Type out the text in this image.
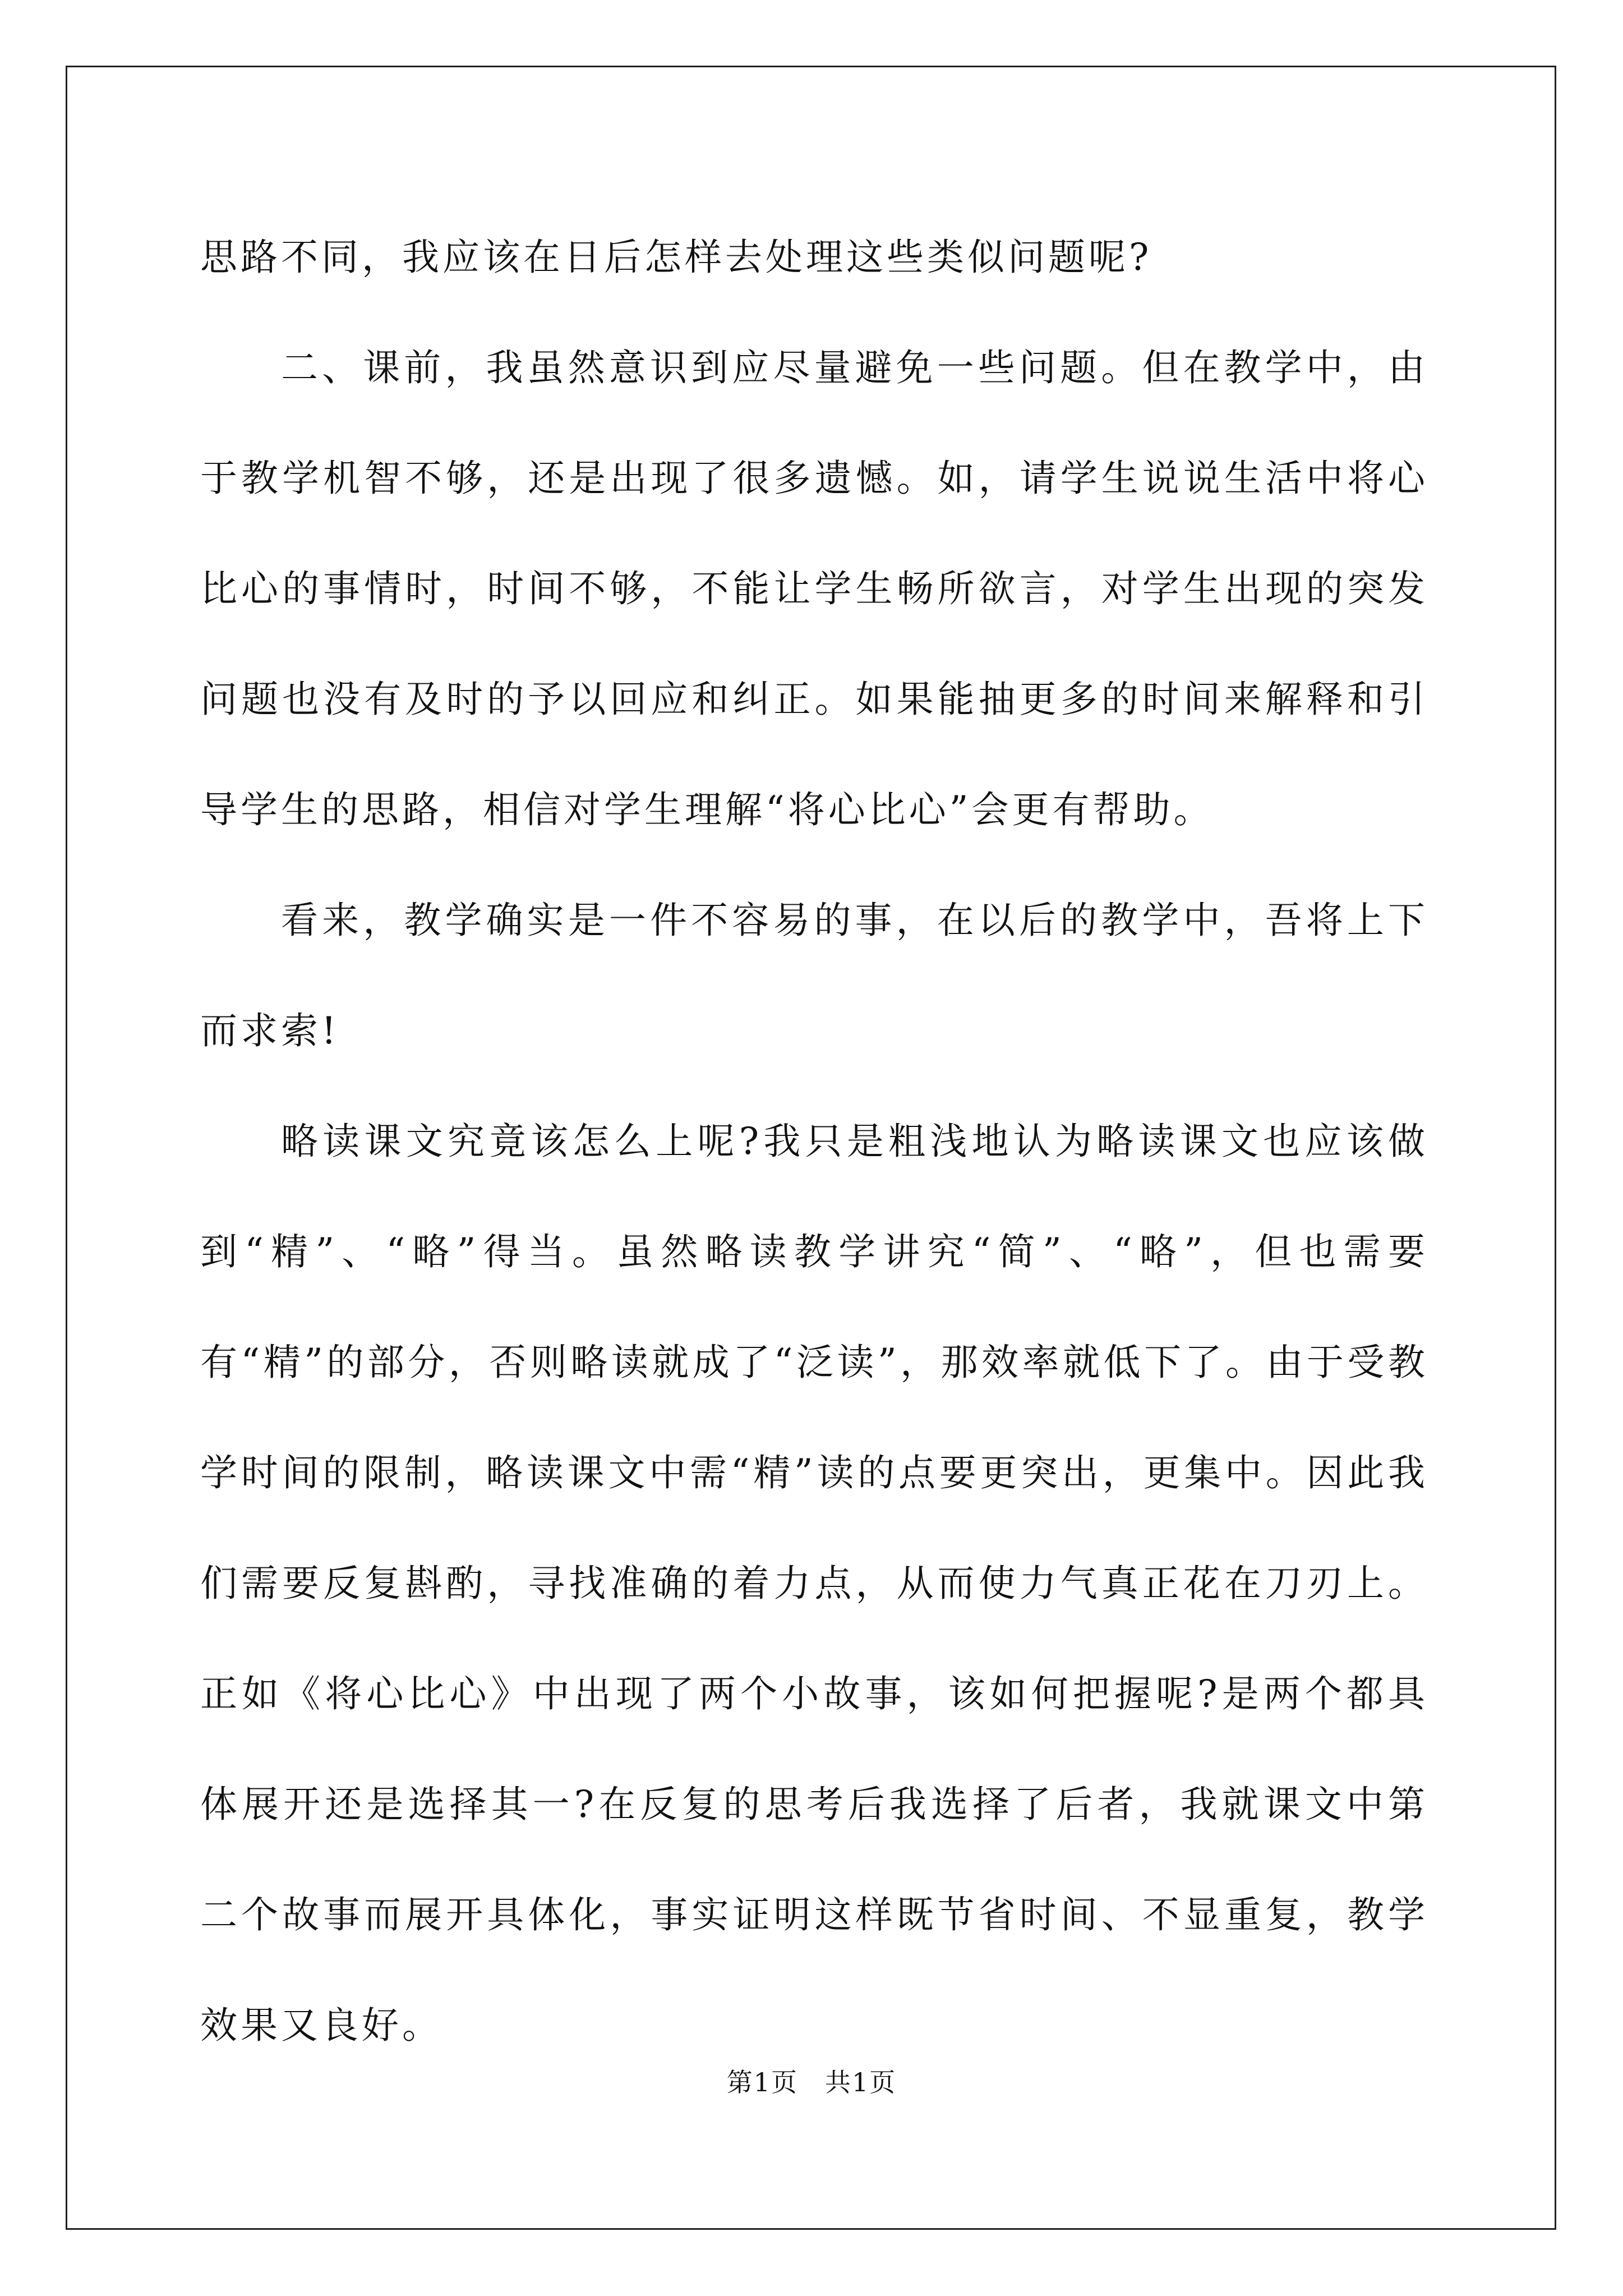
思路不同，我应该在日后怎样去处理这些类似问题呢?

二、课前，我虽然意识到应尽量避免一些问题。但在教学中，由于教学机智不够，还是出现了很多遗憾。如，请学生说说生活中将心比心的事情时，时间不够，不能让学生畅所欲言，对学生出现的突发问题也没有及时的予以回应和纠正。如果能抽更多的时间来解释和引导学生的思路，相信对学生理解“将心比心”会更有帮助。

看来，教学确实是一件不容易的事，在以后的教学中，吾将上下而求索!

略读课文究竟该怎么上呢?我只是粗浅地认为略读课文也应该做到“精”、“略”得当。虽然略读教学讲究“简”、“略”，但也需要有“精”的部分，否则略读就成了“泛读”，那效率就低下了。由于受教学时间的限制，略读课文中需“精”读的点要更突出，更集中。因此我们需要反复斟酌，寻找准确的着力点，从而使力气真正花在刀刃上。正如《将心比心》中出现了两个小故事，该如何把握呢?是两个都具体展开还是选择其一?在反复的思考后我选择了后者，我就课文中第二个故事而展开具体化，事实证明这样既节省时间、不显重复，教学效果又良好。

第1页　共1页
